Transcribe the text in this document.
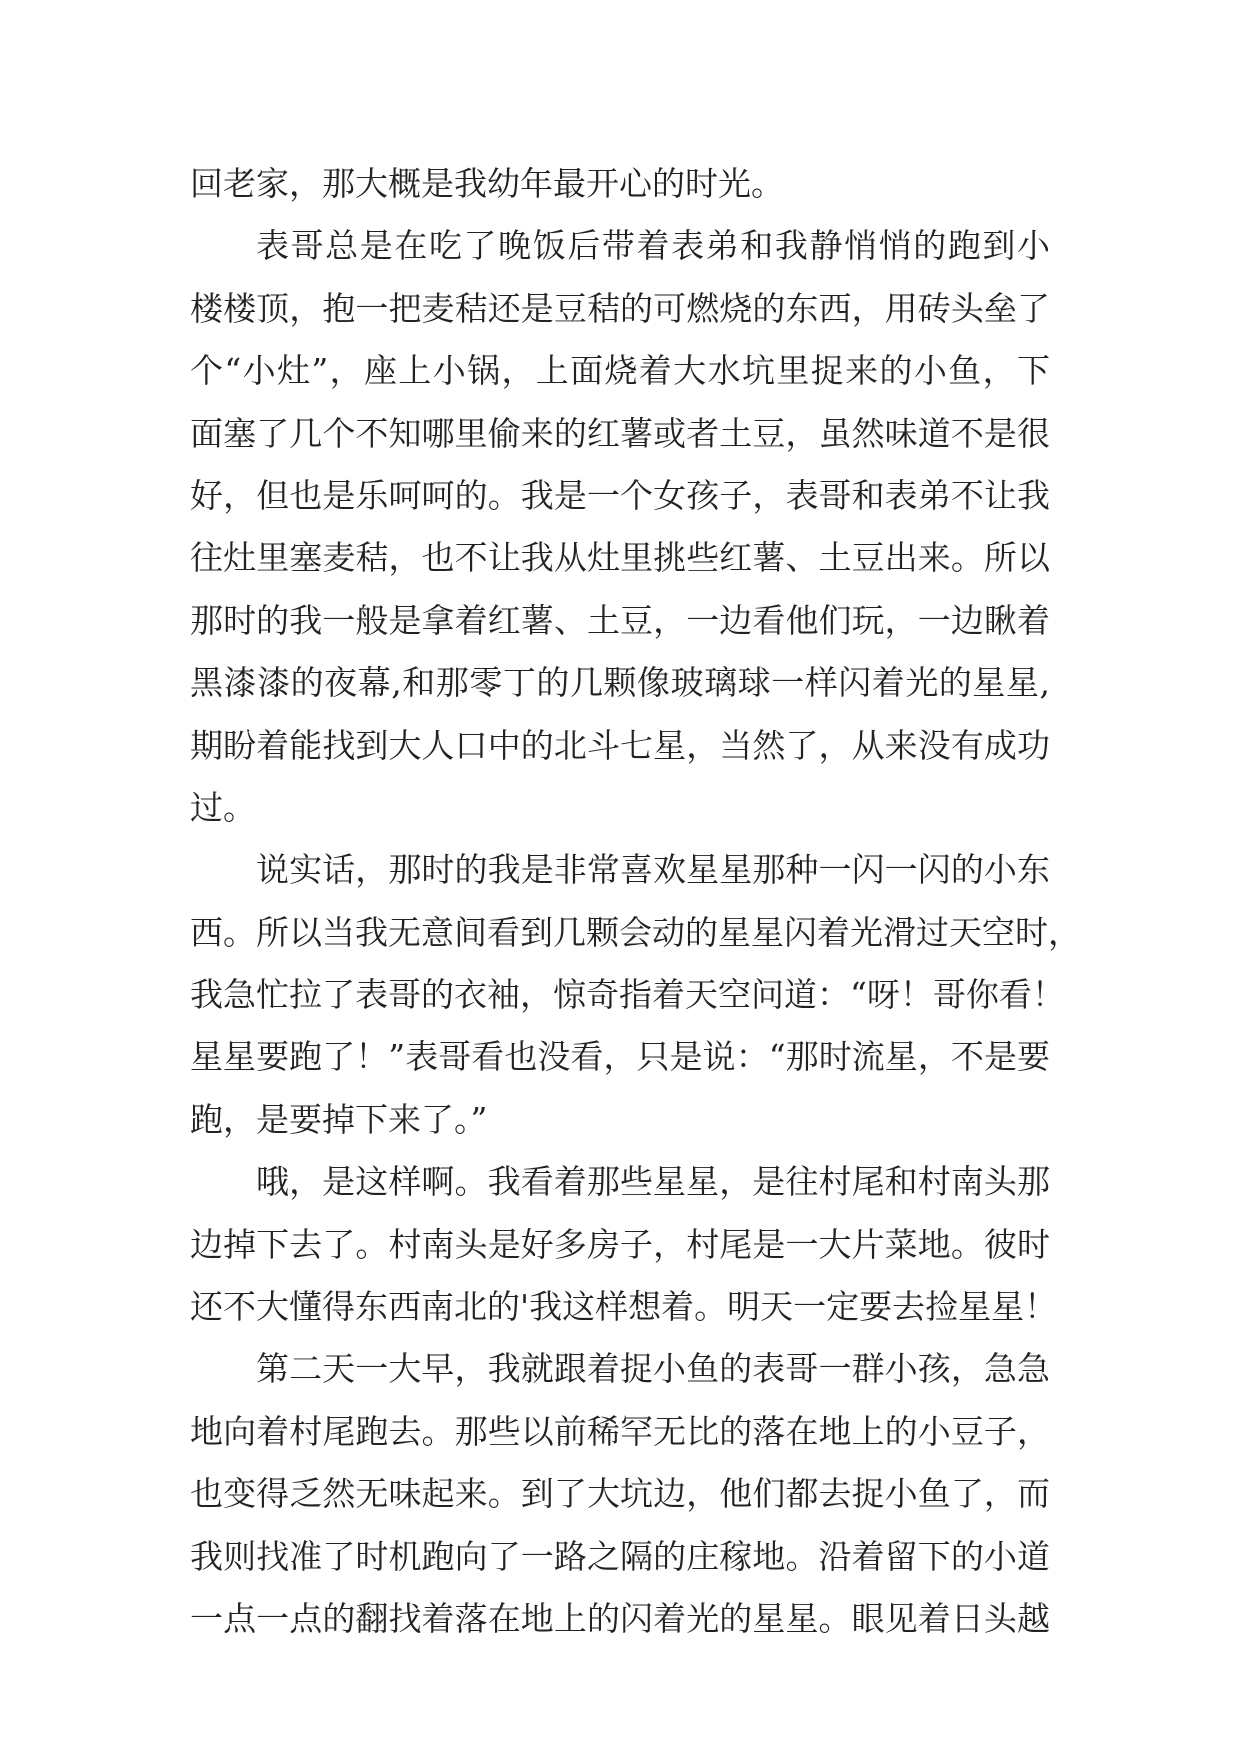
回老家，那大概是我幼年最开心的时光。
表哥总是在吃了晚饭后带着表弟和我静悄悄的跑到小
楼楼顶，抱一把麦秸还是豆秸的可燃烧的东西，用砖头垒了
个“小灶”，座上小锅，上面烧着大水坑里捉来的小鱼，下
面塞了几个不知哪里偷来的红薯或者土豆，虽然味道不是很
好，但也是乐呵呵的。我是一个女孩子，表哥和表弟不让我
往灶里塞麦秸，也不让我从灶里挑些红薯、土豆出来。所以
那时的我一般是拿着红薯、土豆，一边看他们玩，一边瞅着
黑漆漆的夜幕,和那零丁的几颗像玻璃球一样闪着光的星星,
期盼着能找到大人口中的北斗七星，当然了，从来没有成功
过。
说实话，那时的我是非常喜欢星星那种一闪一闪的小东
西。所以当我无意间看到几颗会动的星星闪着光滑过天空时，
我急忙拉了表哥的衣袖，惊奇指着天空问道：“呀！哥你看！
星星要跑了！”表哥看也没看，只是说：“那时流星，不是要
跑，是要掉下来了。”
哦，是这样啊。我看着那些星星，是往村尾和村南头那
边掉下去了。村南头是好多房子，村尾是一大片菜地。彼时
还不大懂得东西南北的'我这样想着。明天一定要去捡星星！
第二天一大早，我就跟着捉小鱼的表哥一群小孩，急急
地向着村尾跑去。那些以前稀罕无比的落在地上的小豆子，
也变得乏然无味起来。到了大坑边，他们都去捉小鱼了，而
我则找准了时机跑向了一路之隔的庄稼地。沿着留下的小道
一点一点的翻找着落在地上的闪着光的星星。眼见着日头越
